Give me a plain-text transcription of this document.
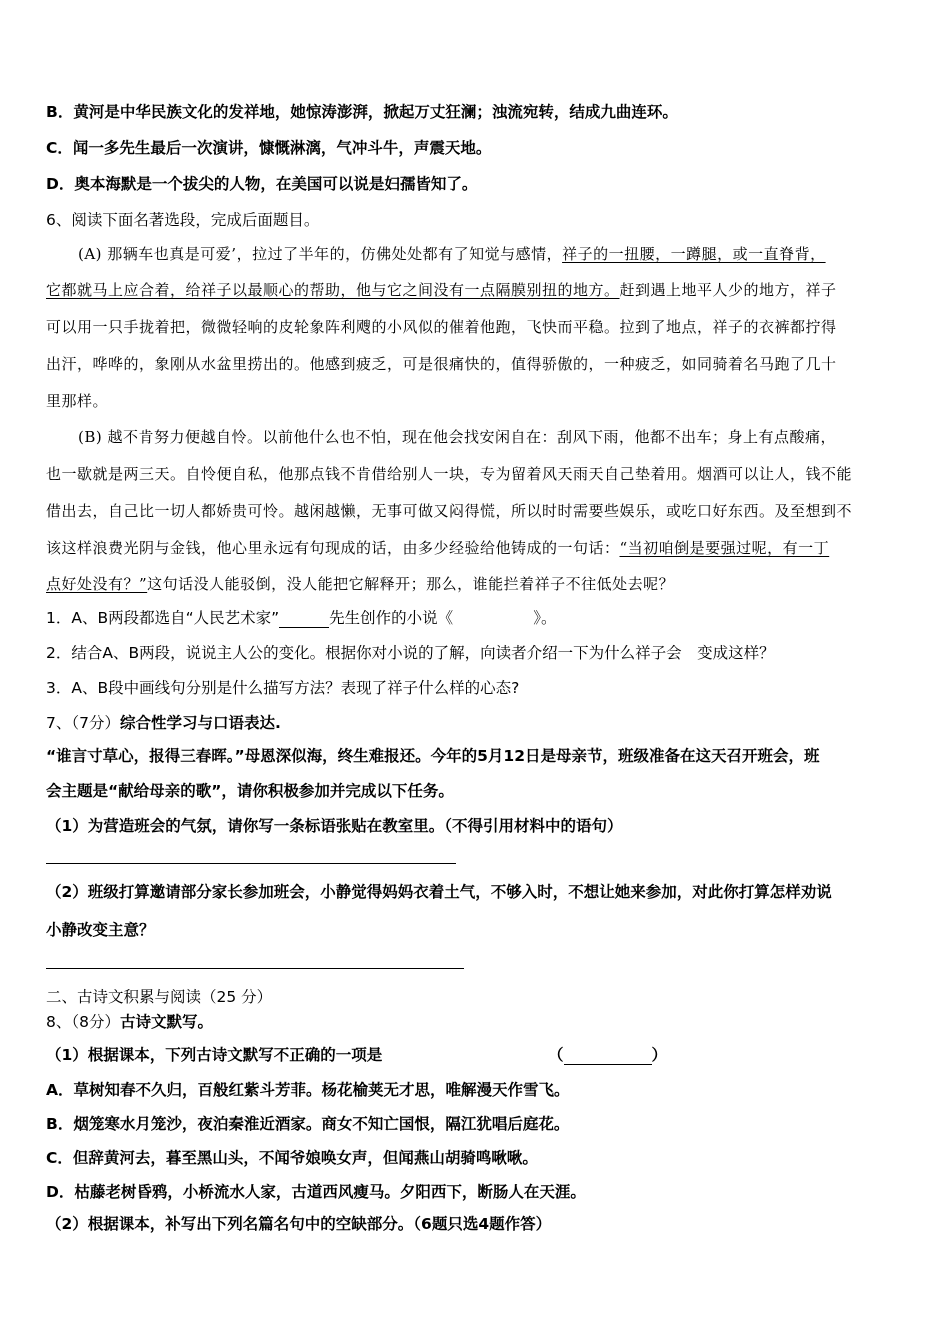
B．黄河是中华民族文化的发祥地，她惊涛澎湃，掀起万丈狂澜；浊流宛转，结成九曲连环。
C．闻一多先生最后一次演讲，慷慨淋漓，气冲斗牛，声震天地。
D．奥本海默是一个拔尖的人物，在美国可以说是妇孺皆知了。
6、阅读下面名著选段，完成后面题目。
(A) 那辆车也真是可爱’，拉过了半年的，仿佛处处都有了知觉与感情，祥子的一扭腰，一蹲腿，或一直脊背，
它都就马上应合着，给祥子以最顺心的帮助，他与它之间没有一点隔膜别扭的地方。赶到遇上地平人少的地方，祥子
可以用一只手拢着把，微微轻响的皮轮象阵利飕的小风似的催着他跑，飞快而平稳。拉到了地点，祥子的衣裤都拧得
出汗，哗哗的，象刚从水盆里捞出的。他感到疲乏，可是很痛快的，值得骄傲的，一种疲乏，如同骑着名马跑了几十
里那样。
(B) 越不肯努力便越自怜。以前他什么也不怕，现在他会找安闲自在：刮风下雨，他都不出车；身上有点酸痛，
也一歇就是两三天。自怜便自私，他那点钱不肯借给别人一块，专为留着风天雨天自己垫着用。烟酒可以让人，钱不能
借出去，自己比一切人都娇贵可怜。越闲越懒，无事可做又闷得慌，所以时时需要些娱乐，或吃口好东西。及至想到不
该这样浪费光阴与金钱，他心里永远有句现成的话，由多少经验给他铸成的一句话：“当初咱倒是要强过呢，有一丁
点好处没有？”这句话没人能驳倒，没人能把它解释开；那么，谁能拦着祥子不往低处去呢？
1．A、B两段都选自“人民艺术家”	先生创作的小说《	》。
2．结合A、B两段，说说主人公的变化。根据你对小说的了解，向读者介绍一下为什么祥子会　变成这样？
3．A、B段中画线句分别是什么描写方法？表现了祥子什么样的心态?
7、（7分）综合性学习与口语表达.
“谁言寸草心，报得三春晖。”母恩深似海，终生难报还。今年的5月12日是母亲节，班级准备在这天召开班会，班
会主题是“献给母亲的歌”，请你积极参加并完成以下任务。
（1）为营造班会的气氛，请你写一条标语张贴在教室里。（不得引用材料中的语句）
（2）班级打算邀请部分家长参加班会，小静觉得妈妈衣着土气，不够入时，不想让她来参加，对此你打算怎样劝说
小静改变主意？
二、古诗文积累与阅读（25 分）
8、（8分）古诗文默写。
（1）根据课本，下列古诗文默写不正确的一项是	（	）
A．草树知春不久归，百般红紫斗芳菲。杨花榆荚无才思，唯解漫天作雪飞。
B．烟笼寒水月笼沙，夜泊秦淮近酒家。商女不知亡国恨，隔江犹唱后庭花。
C．但辞黄河去，暮至黑山头，不闻爷娘唤女声，但闻燕山胡骑鸣啾啾。
D．枯藤老树昏鸦，小桥流水人家，古道西风瘦马。夕阳西下，断肠人在天涯。
（2）根据课本，补写出下列名篇名句中的空缺部分。（6题只选4题作答）
